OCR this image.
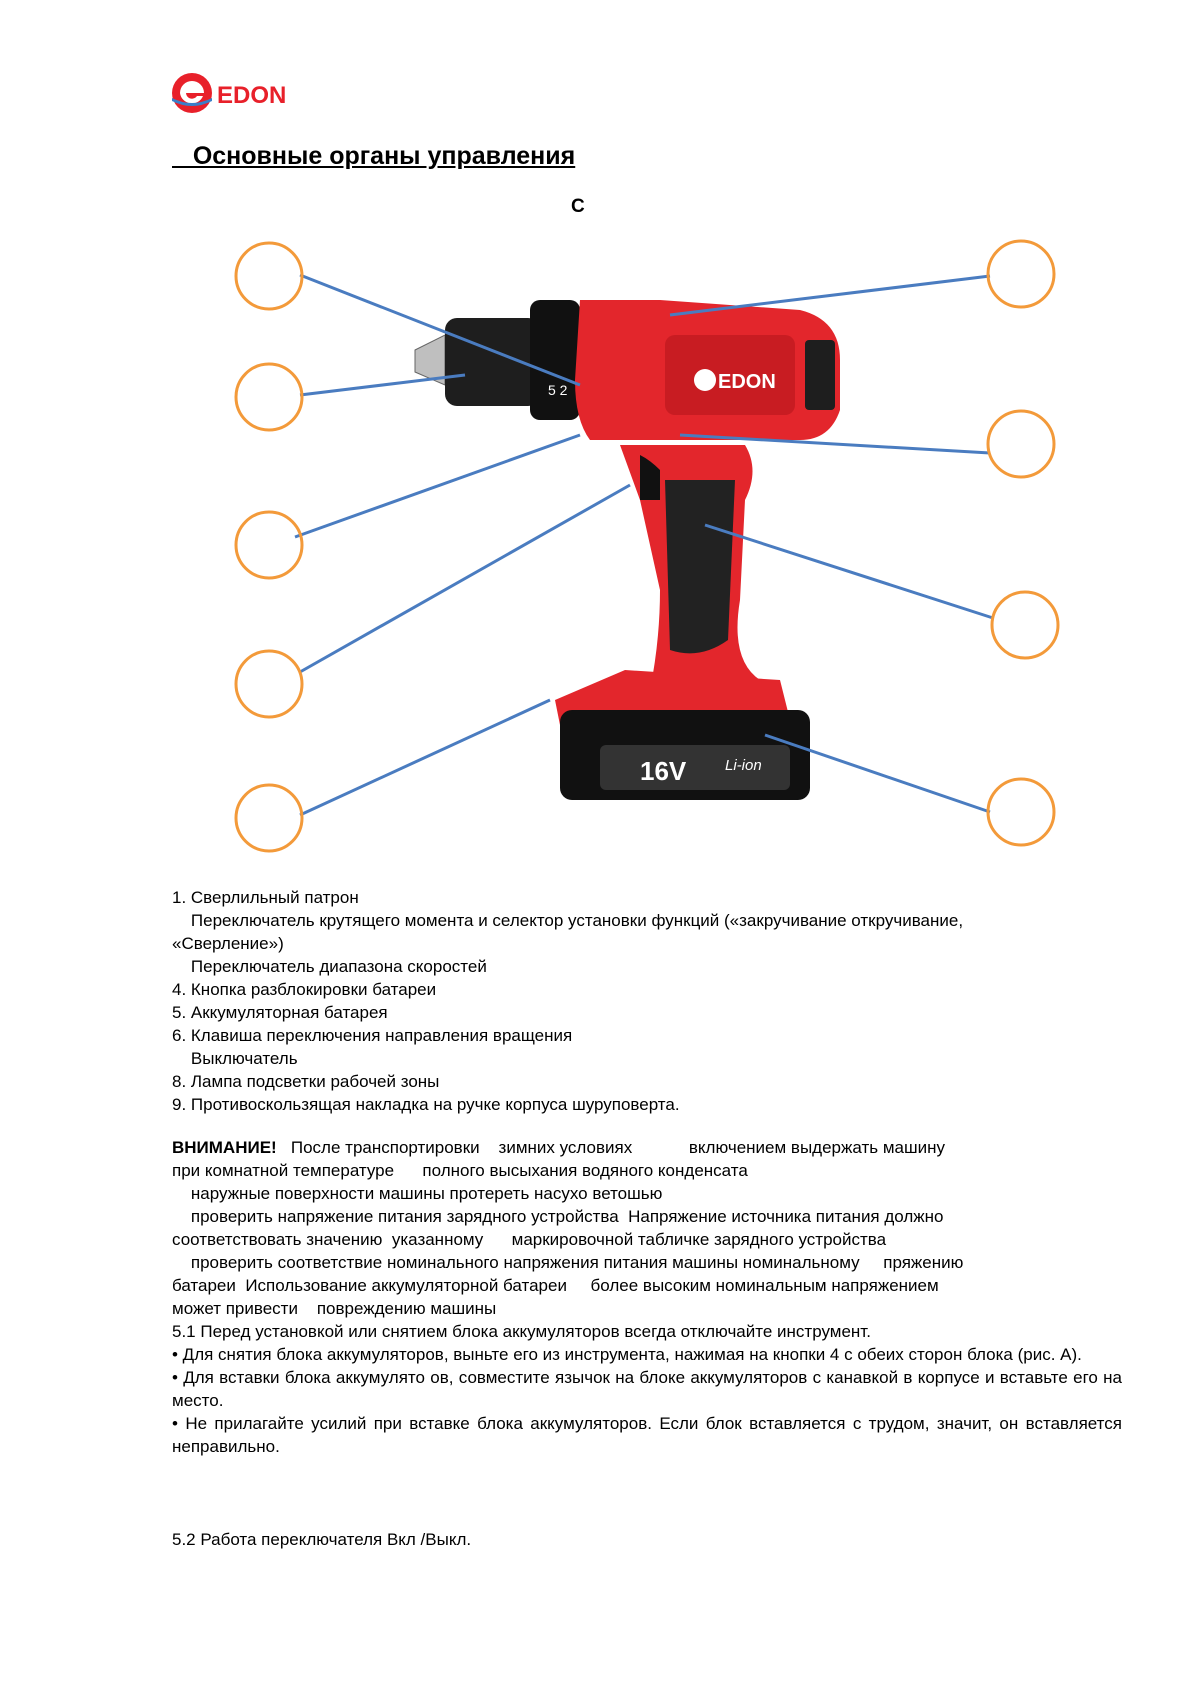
EDON
Основные органы управления
C
5 2	EDON
16V	Li-ion

1. Сверлильный патрон

Переключатель крутящего момента и селектор установки функций («закручивание откручивание,

«Сверление»)

Переключатель диапазона скоростей

4. Кнопка разблокировки батареи

5. Аккумуляторная батарея

6. Клавиша переключения направления вращения

Выключатель

8. Лампа подсветки рабочей зоны

9. Противоскользящая накладка на ручке корпуса шуруповерта.

ВНИМАНИЕ!   После транспортировки    зимних условиях            включением выдержать машину

при комнатной температуре      полного высыхания водяного конденсата

наружные поверхности машины протереть насухо ветошью

проверить напряжение питания зарядного устройства  Напряжение источника питания должно

соответствовать значению  указанному      маркировочной табличке зарядного устройства

проверить соответствие номинального напряжения питания машины номинальному     пряжению

батареи  Использование аккумуляторной батареи     более высоким номинальным напряжением

может привести    повреждению машины

5.1 Перед установкой или снятием блока аккумуляторов всегда отключайте инструмент.

• Для снятия блока аккумуляторов, выньте его из инструмента, нажимая на кнопки 4 с обеих сторон блока (рис. А).

• Для вставки блока аккумулято ов, совместите язычок на блоке аккумуляторов с канавкой в корпусе и вставьте его на место.

• Не прилагайте усилий при вставке блока аккумуляторов. Если блок вставляется с трудом, значит, он вставляется неправильно.

5.2 Работа переключателя Вкл /Выкл.
